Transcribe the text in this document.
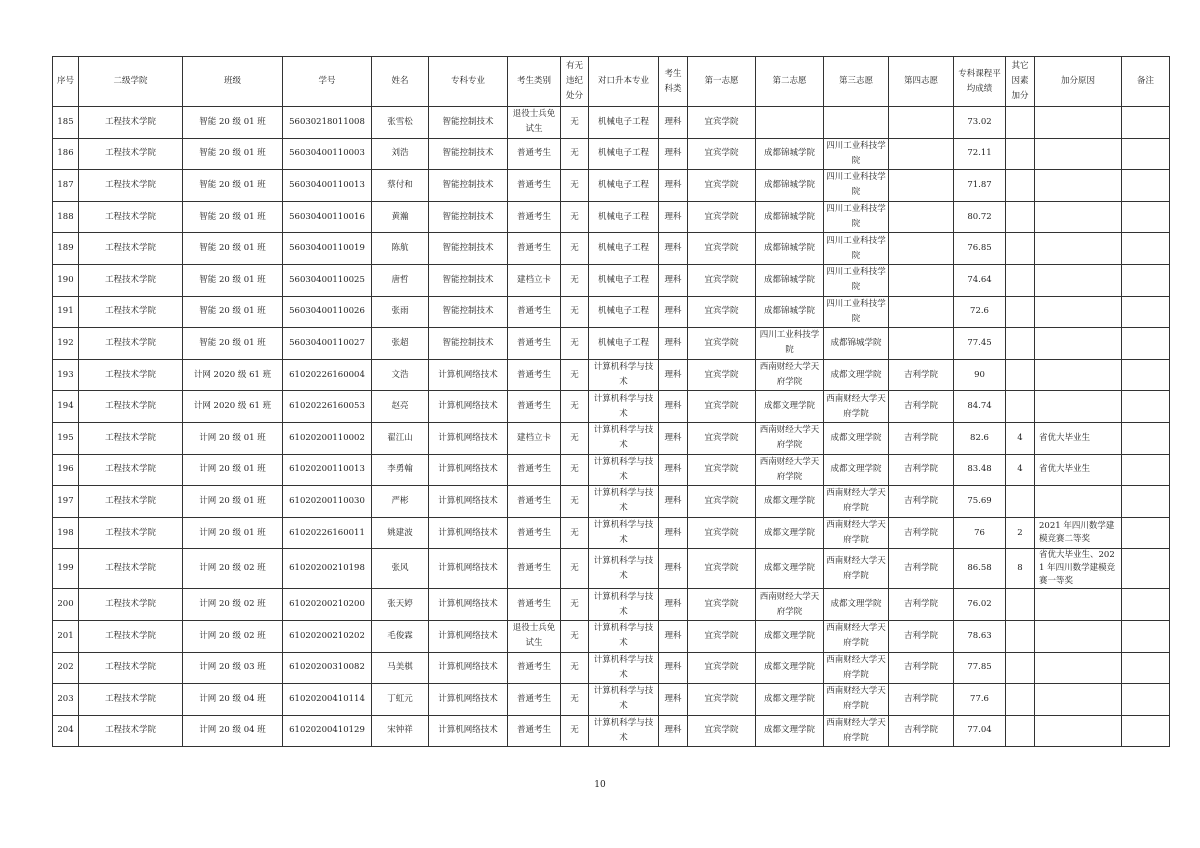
序号	二级学院	班级	学号	姓名	专科专业	考生类别	有无违纪处分	对口升本专业	考生科类	第一志愿	第二志愿	第三志愿	第四志愿	专科课程平均成绩	其它因素加分	加分原因	备注
185	工程技术学院	智能 20 级 01 班	56030218011008	张雪松	智能控制技术	退役士兵免试生	无	机械电子工程	理科	宜宾学院				73.02			
186	工程技术学院	智能 20 级 01 班	56030400110003	刘浩	智能控制技术	普通考生	无	机械电子工程	理科	宜宾学院	成都锦城学院	四川工业科技学院		72.11			
187	工程技术学院	智能 20 级 01 班	56030400110013	蔡付和	智能控制技术	普通考生	无	机械电子工程	理科	宜宾学院	成都锦城学院	四川工业科技学院		71.87			
188	工程技术学院	智能 20 级 01 班	56030400110016	黄瀚	智能控制技术	普通考生	无	机械电子工程	理科	宜宾学院	成都锦城学院	四川工业科技学院		80.72			
189	工程技术学院	智能 20 级 01 班	56030400110019	陈航	智能控制技术	普通考生	无	机械电子工程	理科	宜宾学院	成都锦城学院	四川工业科技学院		76.85			
190	工程技术学院	智能 20 级 01 班	56030400110025	唐哲	智能控制技术	建档立卡	无	机械电子工程	理科	宜宾学院	成都锦城学院	四川工业科技学院		74.64			
191	工程技术学院	智能 20 级 01 班	56030400110026	张雨	智能控制技术	普通考生	无	机械电子工程	理科	宜宾学院	成都锦城学院	四川工业科技学院		72.6			
192	工程技术学院	智能 20 级 01 班	56030400110027	张超	智能控制技术	普通考生	无	机械电子工程	理科	宜宾学院	四川工业科技学院	成都锦城学院		77.45			
193	工程技术学院	计网 2020 级 61 班	61020226160004	文浩	计算机网络技术	普通考生	无	计算机科学与技术	理科	宜宾学院	西南财经大学天府学院	成都文理学院	吉利学院	90			
194	工程技术学院	计网 2020 级 61 班	61020226160053	赵亮	计算机网络技术	普通考生	无	计算机科学与技术	理科	宜宾学院	成都文理学院	西南财经大学天府学院	吉利学院	84.74			
195	工程技术学院	计网 20 级 01 班	61020200110002	翟江山	计算机网络技术	建档立卡	无	计算机科学与技术	理科	宜宾学院	西南财经大学天府学院	成都文理学院	吉利学院	82.6	4	省优大毕业生	
196	工程技术学院	计网 20 级 01 班	61020200110013	李勇翰	计算机网络技术	普通考生	无	计算机科学与技术	理科	宜宾学院	西南财经大学天府学院	成都文理学院	吉利学院	83.48	4	省优大毕业生	
197	工程技术学院	计网 20 级 01 班	61020200110030	严彬	计算机网络技术	普通考生	无	计算机科学与技术	理科	宜宾学院	成都文理学院	西南财经大学天府学院	吉利学院	75.69			
198	工程技术学院	计网 20 级 01 班	61020226160011	姚建波	计算机网络技术	普通考生	无	计算机科学与技术	理科	宜宾学院	成都文理学院	西南财经大学天府学院	吉利学院	76	2	2021 年四川数学建模竞赛二等奖	
199	工程技术学院	计网 20 级 02 班	61020200210198	张风	计算机网络技术	普通考生	无	计算机科学与技术	理科	宜宾学院	成都文理学院	西南财经大学天府学院	吉利学院	86.58	8	省优大毕业生、2021 年四川数学建模竞赛一等奖	
200	工程技术学院	计网 20 级 02 班	61020200210200	张天婷	计算机网络技术	普通考生	无	计算机科学与技术	理科	宜宾学院	西南财经大学天府学院	成都文理学院	吉利学院	76.02			
201	工程技术学院	计网 20 级 02 班	61020200210202	毛俊霖	计算机网络技术	退役士兵免试生	无	计算机科学与技术	理科	宜宾学院	成都文理学院	西南财经大学天府学院	吉利学院	78.63			
202	工程技术学院	计网 20 级 03 班	61020200310082	马美棋	计算机网络技术	普通考生	无	计算机科学与技术	理科	宜宾学院	成都文理学院	西南财经大学天府学院	吉利学院	77.85			
203	工程技术学院	计网 20 级 04 班	61020200410114	丁虹元	计算机网络技术	普通考生	无	计算机科学与技术	理科	宜宾学院	成都文理学院	西南财经大学天府学院	吉利学院	77.6			
204	工程技术学院	计网 20 级 04 班	61020200410129	宋钟祥	计算机网络技术	普通考生	无	计算机科学与技术	理科	宜宾学院	成都文理学院	西南财经大学天府学院	吉利学院	77.04			
10
